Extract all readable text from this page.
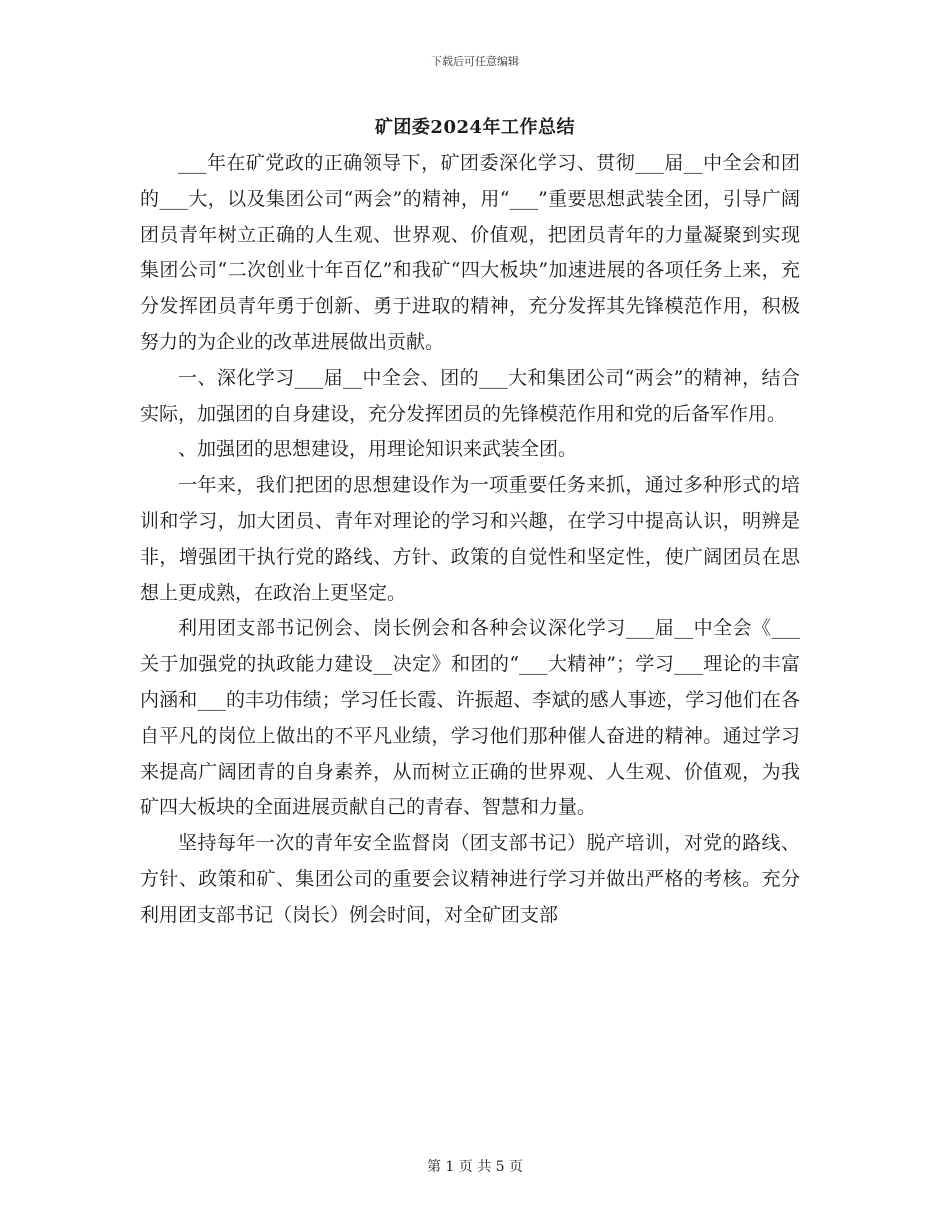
下载后可任意编辑
矿团委2024年工作总结

___年在矿党政的正确领导下，矿团委深化学习、贯彻___届__中全会和团的___大，以及集团公司“两会”的精神，用“___”重要思想武装全团，引导广阔团员青年树立正确的人生观、世界观、价值观，把团员青年的力量凝聚到实现集团公司“二次创业十年百亿”和我矿“四大板块”加速进展的各项任务上来，充分发挥团员青年勇于创新、勇于进取的精神，充分发挥其先锋模范作用，积极努力的为企业的改革进展做出贡献。

一、深化学习___届__中全会、团的___大和集团公司“两会”的精神，结合实际，加强团的自身建设，充分发挥团员的先锋模范作用和党的后备军作用。

、加强团的思想建设，用理论知识来武装全团。

一年来，我们把团的思想建设作为一项重要任务来抓，通过多种形式的培训和学习，加大团员、青年对理论的学习和兴趣，在学习中提高认识，明辨是非，增强团干执行党的路线、方针、政策的自觉性和坚定性，使广阔团员在思想上更成熟，在政治上更坚定。

利用团支部书记例会、岗长例会和各种会议深化学习___届__中全会《___关于加强党的执政能力建设__决定》和团的“___大精神”；学习___理论的丰富内涵和___的丰功伟绩；学习任长霞、许振超、李斌的感人事迹，学习他们在各自平凡的岗位上做出的不平凡业绩，学习他们那种催人奋进的精神。通过学习来提高广阔团青的自身素养，从而树立正确的世界观、人生观、价值观，为我矿四大板块的全面进展贡献自己的青春、智慧和力量。

坚持每年一次的青年安全监督岗（团支部书记）脱产培训，对党的路线、方针、政策和矿、集团公司的重要会议精神进行学习并做出严格的考核。充分利用团支部书记（岗长）例会时间，对全矿团支部

第 1 页 共 5 页
